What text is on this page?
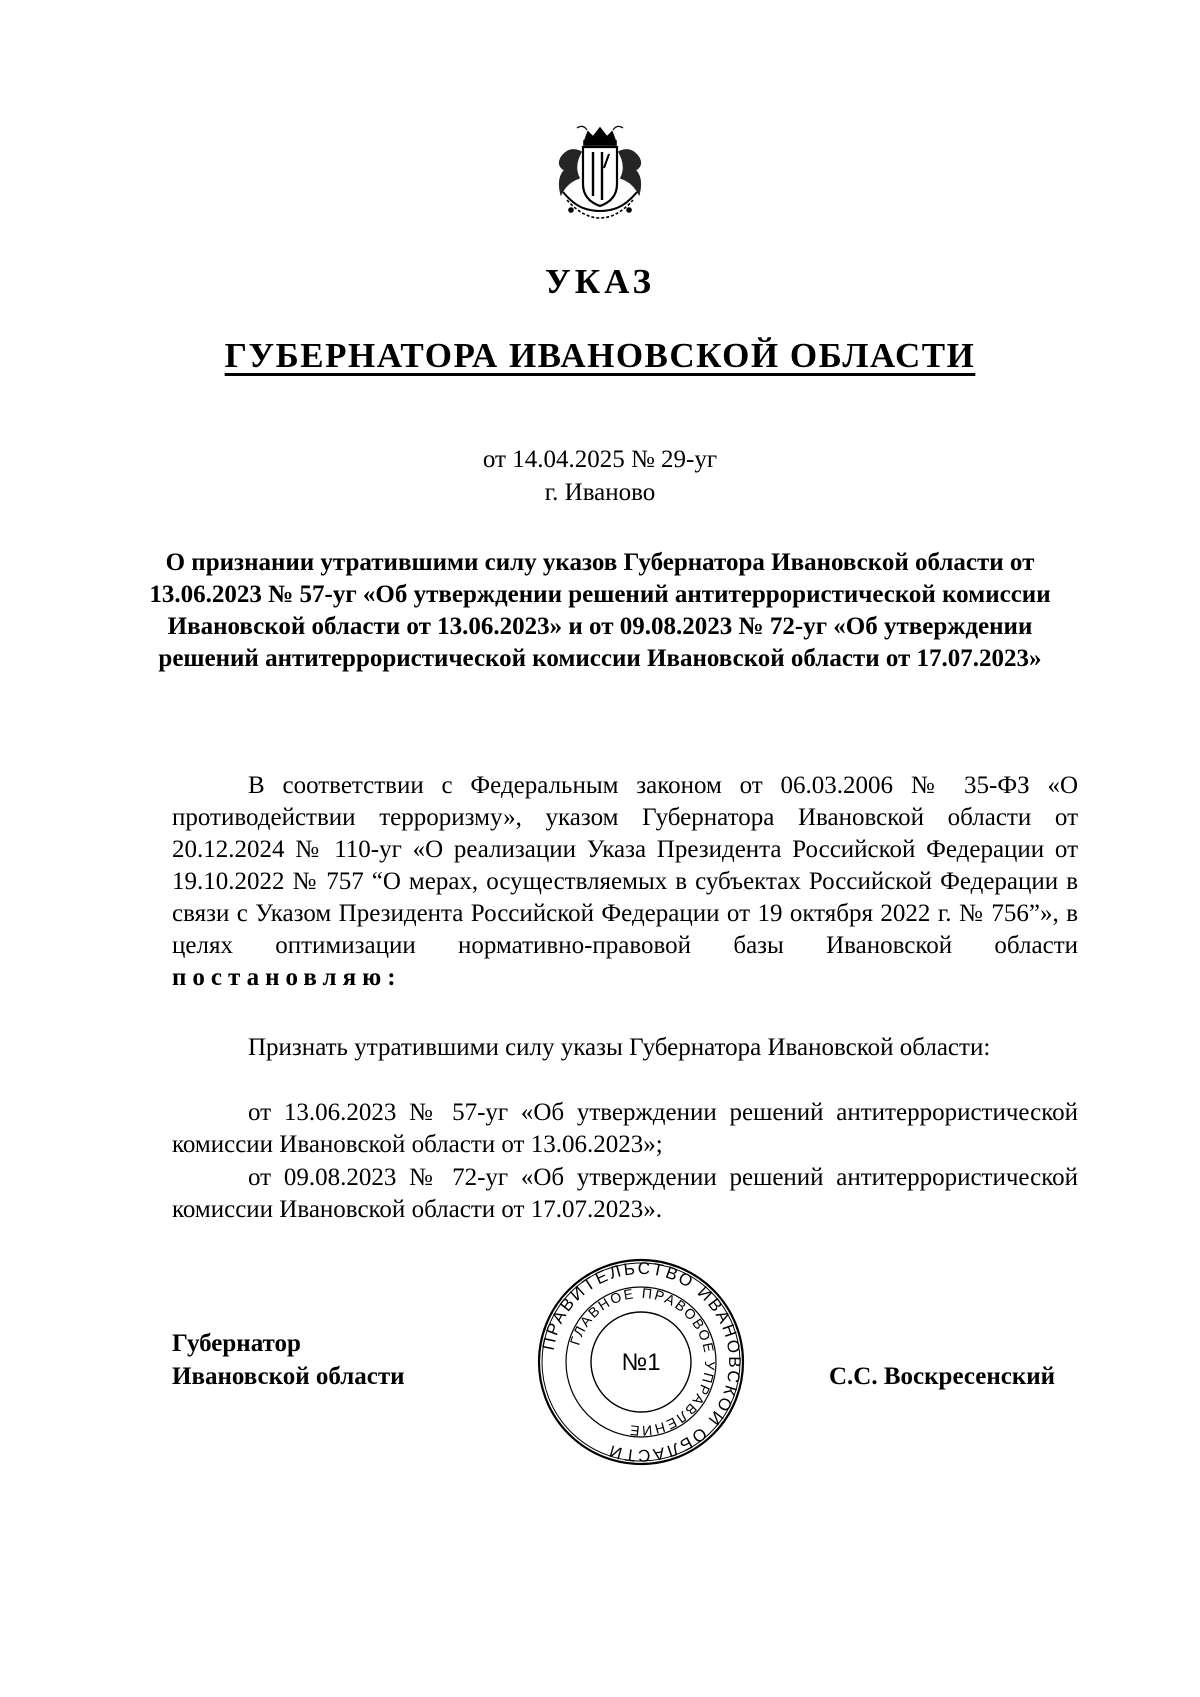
УКАЗ
ГУБЕРНАТОРА ИВАНОВСКОЙ ОБЛАСТИ
от 14.04.2025 № 29-уг
г. Иваново
О признании утратившими силу указов Губернатора Ивановской области от 13.06.2023 № 57-уг «Об утверждении решений антитеррористической комиссии Ивановской области от 13.06.2023» и от 09.08.2023 № 72-уг «Об утверждении решений антитеррористической комиссии Ивановской области от 17.07.2023»
В соответствии с Федеральным законом от 06.03.2006 № 35-ФЗ «О противодействии терроризму», указом Губернатора Ивановской области от 20.12.2024 № 110-уг «О реализации Указа Президента Российской Федерации от 19.10.2022 № 757 “О мерах, осуществляемых в субъектах Российской Федерации в связи с Указом Президента Российской Федерации от 19 октября 2022 г. № 756”», в целях оптимизации нормативно-правовой базы Ивановской области постановляю:
Признать утратившими силу указы Губернатора Ивановской области:
от 13.06.2023 № 57-уг «Об утверждении решений антитеррористической комиссии Ивановской области от 13.06.2023»;
от 09.08.2023 № 72-уг «Об утверждении решений антитеррористической комиссии Ивановской области от 17.07.2023».
Губернатор
Ивановской области
ПРАВИТЕЛЬСТВО ИВАНОВСКОЙ ОБЛАСТИ
ГЛАВНОЕ ПРАВОВОЕ УПРАВЛЕНИЕ
№1
С.С. Воскресенский
